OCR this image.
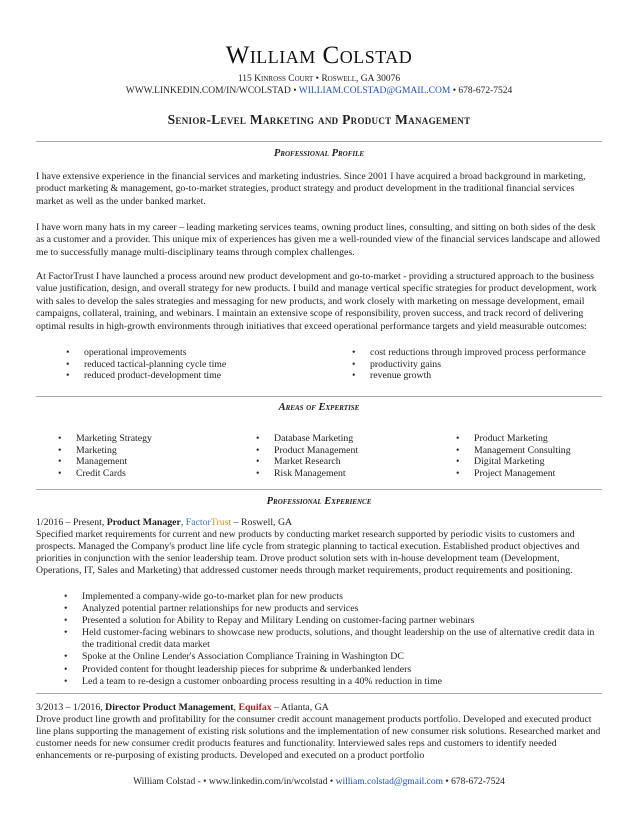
William Colstad
115 Kinross Court • Roswell, GA 30076
WWW.LINKEDIN.COM/IN/WCOLSTAD • WILLIAM.COLSTAD@GMAIL.COM • 678-672-7524
Senior-Level Marketing and Product Management
Professional Profile

I have extensive experience in the financial services and marketing industries. Since 2001 I have acquired a broad background in marketing, product marketing & management, go-to-market strategies, product strategy and product development in the traditional financial services market as well as the under banked market.

I have worn many hats in my career – leading marketing services teams, owning product lines, consulting, and sitting on both sides of the desk as a customer and a provider. This unique mix of experiences has given me a well-rounded view of the financial services landscape and allowed me to successfully manage multi-disciplinary teams through complex challenges.

At FactorTrust I have launched a process around new product development and go-to-market - providing a structured approach to the business value justification, design, and overall strategy for new products. I build and manage vertical specific strategies for product development, work with sales to develop the sales strategies and messaging for new products, and work closely with marketing on message development, email campaigns, collateral, training, and webinars. I maintain an extensive scope of responsibility, proven success, and track record of delivering optimal results in high-growth environments through initiatives that exceed operational performance targets and yield measurable outcomes:

• operational improvements
• reduced tactical-planning cycle time
• reduced product-development time
• cost reductions through improved process performance
• productivity gains
• revenue growth
Areas of Expertise
• Marketing Strategy
• Marketing
• Management
• Credit Cards
• Database Marketing
• Product Management
• Market Research
• Risk Management
• Product Marketing
• Management Consulting
• Digital Marketing
• Project Management
Professional Experience
1/2016 – Present, Product Manager, FactorTrust – Roswell, GA

Specified market requirements for current and new products by conducting market research supported by periodic visits to customers and prospects. Managed the Company's product line life cycle from strategic planning to tactical execution. Established product objectives and priorities in conjunction with the senior leadership team. Drove product solution sets with in-house development team (Development, Operations, IT, Sales and Marketing) that addressed customer needs through market requirements, product requirements and positioning.

• Implemented a company-wide go-to-market plan for new products
• Analyzed potential partner relationships for new products and services
• Presented a solution for Ability to Repay and Military Lending on customer-facing partner webinars
• Held customer-facing webinars to showcase new products, solutions, and thought leadership on the use of alternative credit data in the traditional credit data market
• Spoke at the Online Lender's Association Compliance Training in Washington DC
• Provided content for thought leadership pieces for subprime & underbanked lenders
• Led a team to re-design a customer onboarding process resulting in a 40% reduction in time
3/2013 – 1/2016, Director Product Management, Equifax – Atlanta, GA

Drove product line growth and profitability for the consumer credit account management products portfolio. Developed and executed product line plans supporting the management of existing risk solutions and the implementation of new consumer risk solutions. Researched market and customer needs for new consumer credit products features and functionality. Interviewed sales reps and customers to identify needed enhancements or re-purposing of existing products. Developed and executed on a product portfolio

William Colstad - • www.linkedin.com/in/wcolstad • william.colstad@gmail.com • 678-672-7524
